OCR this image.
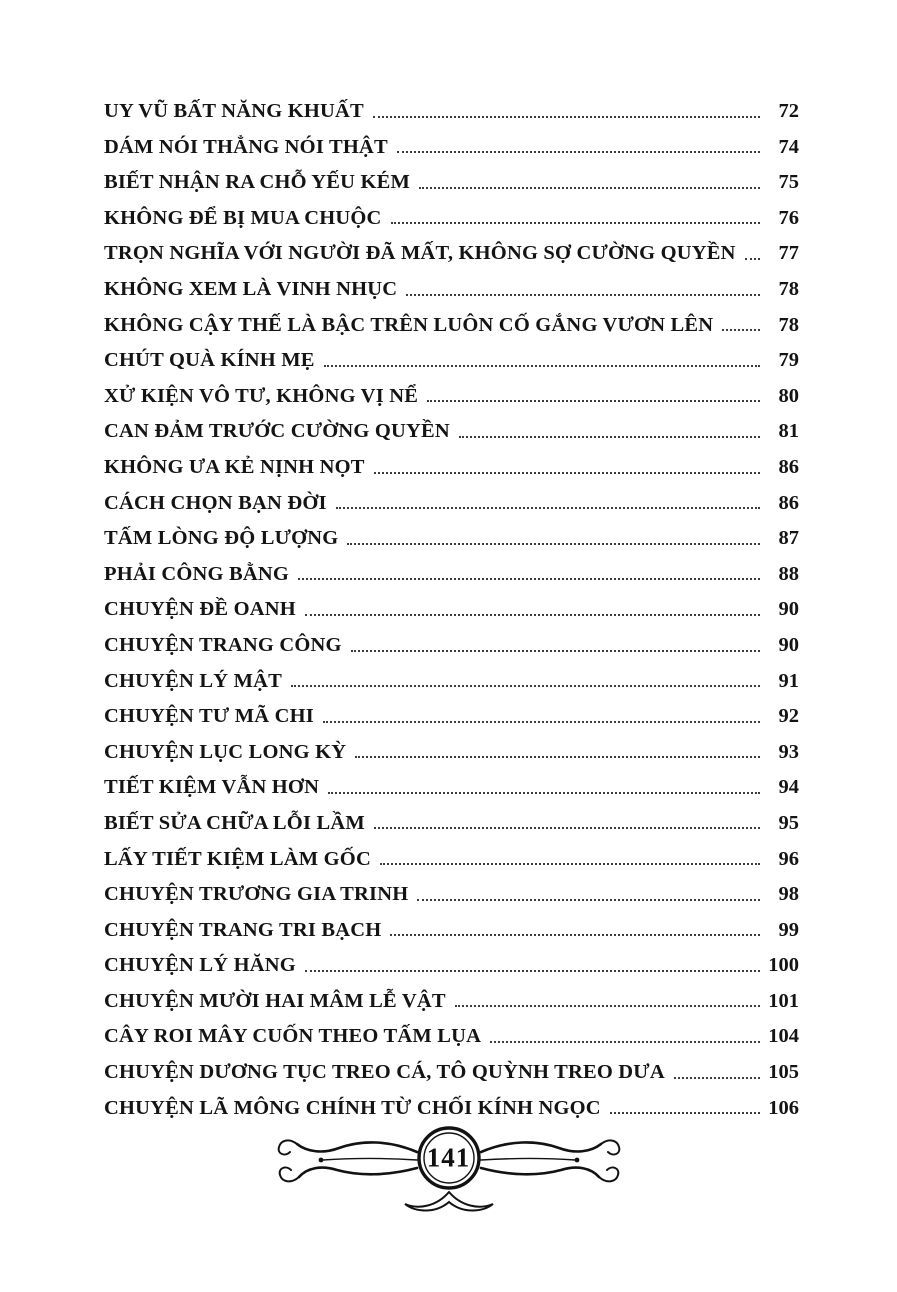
UY VŨ BẤT NĂNG KHUẤT	72
DÁM NÓI THẲNG NÓI THẬT	74
BIẾT NHẬN RA CHỖ YẾU KÉM	75
KHÔNG ĐỂ BỊ MUA CHUỘC	76
TRỌN NGHĨA VỚI NGƯỜI ĐÃ MẤT, KHÔNG SỢ CƯỜNG QUYỀN	77
KHÔNG XEM LÀ VINH NHỤC	78
KHÔNG CẬY THẾ LÀ BẬC TRÊN LUÔN CỐ GẮNG VƯƠN LÊN	78
CHÚT QUÀ KÍNH MẸ	79
XỬ KIỆN VÔ TƯ, KHÔNG VỊ NỂ	80
CAN ĐẢM TRƯỚC CƯỜNG QUYỀN	81
KHÔNG ƯA KẺ NỊNH NỌT	86
CÁCH CHỌN BẠN ĐỜI	86
TẤM LÒNG ĐỘ LƯỢNG	87
PHẢI CÔNG BẰNG	88
CHUYỆN ĐỀ OANH	90
CHUYỆN TRANG CÔNG	90
CHUYỆN LÝ MẬT	91
CHUYỆN TƯ MÃ CHI	92
CHUYỆN LỤC LONG KỲ	93
TIẾT KIỆM VẪN HƠN	94
BIẾT SỬA CHỮA LỖI LẦM	95
LẤY TIẾT KIỆM LÀM GỐC	96
CHUYỆN TRƯƠNG GIA TRINH	98
CHUYỆN TRANG TRI BẠCH	99
CHUYỆN LÝ HĂNG	100
CHUYỆN MƯỜI HAI MÂM LỄ VẬT	101
CÂY ROI MÂY CUỐN THEO TẤM LỤA	104
CHUYỆN DƯƠNG TỤC TREO CÁ, TÔ QUỲNH TREO DƯA	105
CHUYỆN LÃ MÔNG CHÍNH TỪ CHỐI KÍNH NGỌC	106
141
